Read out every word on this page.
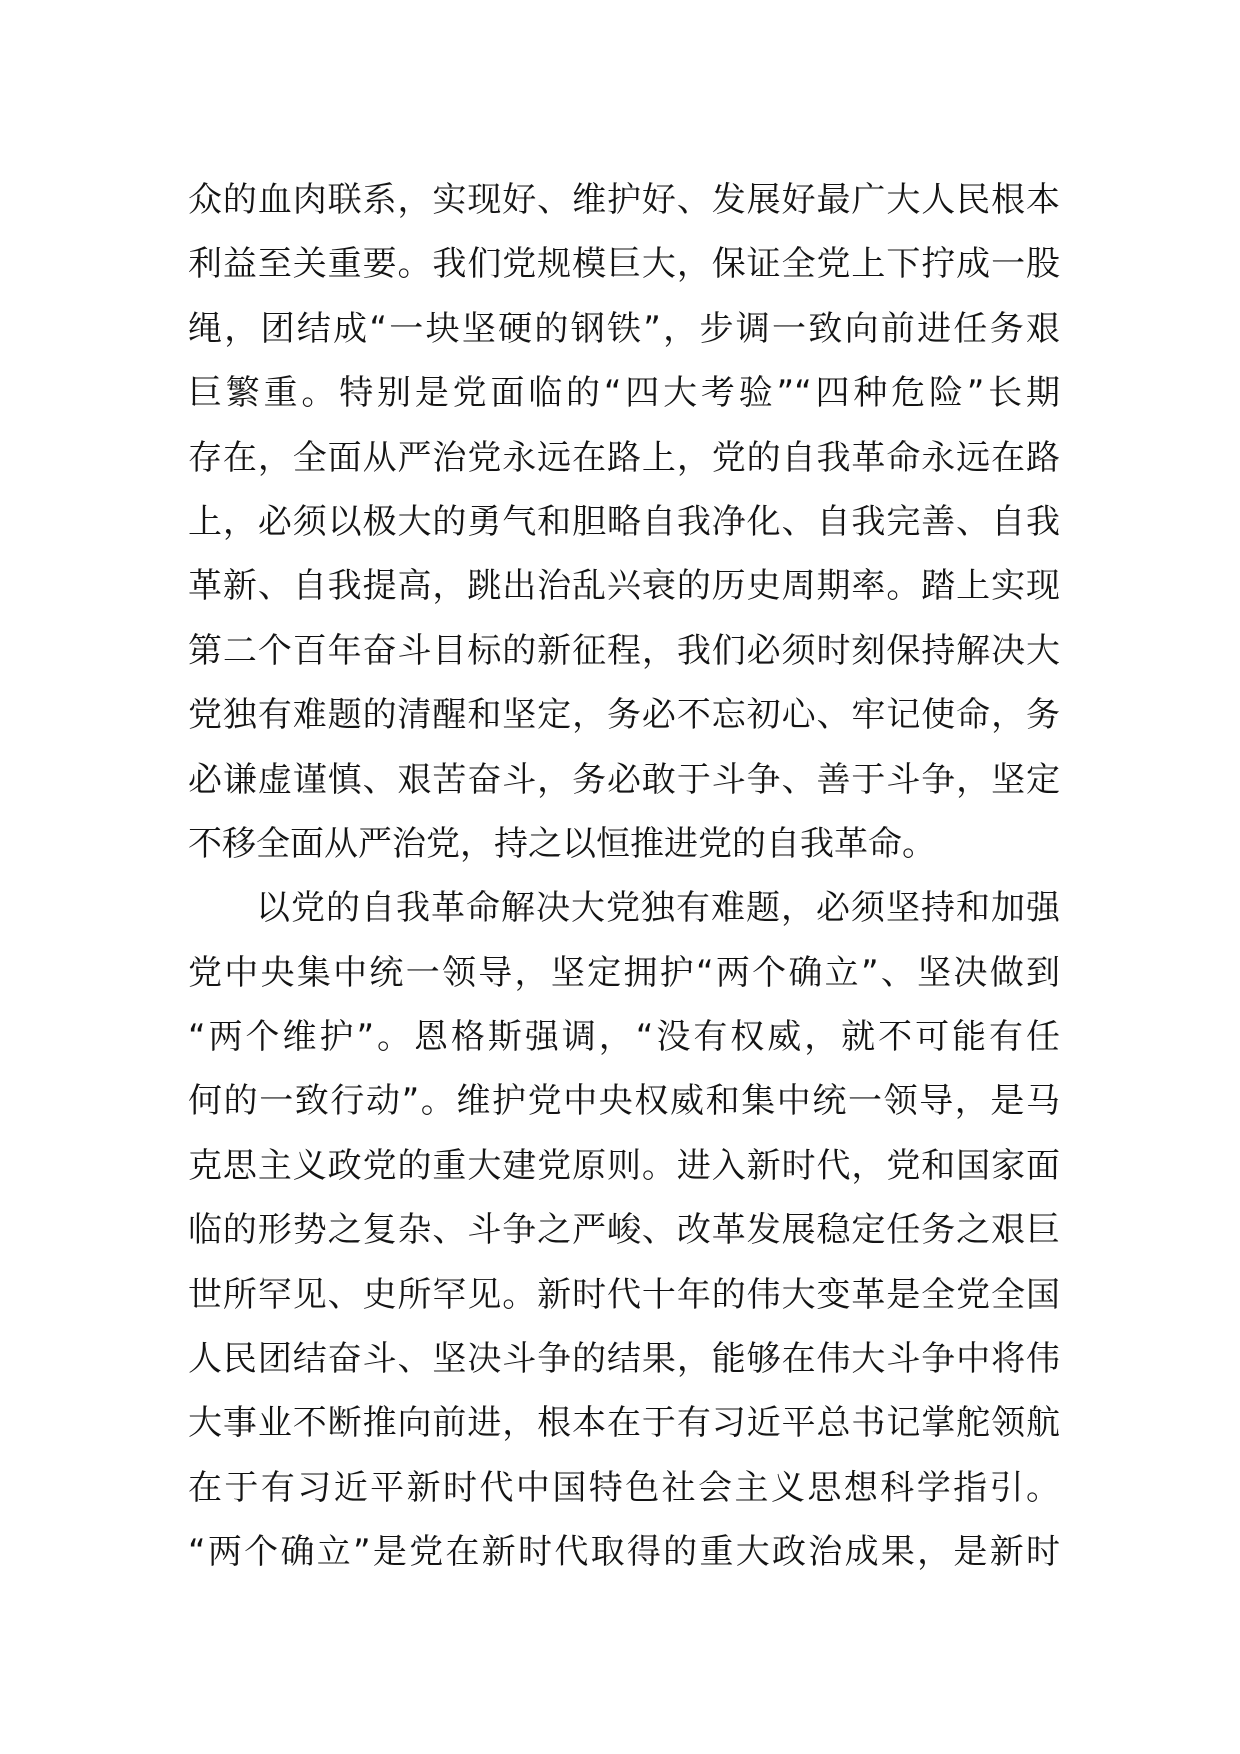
众的血肉联系，实现好、维护好、发展好最广大人民根本
利益至关重要。我们党规模巨大，保证全党上下拧成一股
绳，团结成“一块坚硬的钢铁”，步调一致向前进任务艰
巨繁重。特别是党面临的“四大考验”“四种危险”长期
存在，全面从严治党永远在路上，党的自我革命永远在路
上，必须以极大的勇气和胆略自我净化、自我完善、自我
革新、自我提高，跳出治乱兴衰的历史周期率。踏上实现
第二个百年奋斗目标的新征程，我们必须时刻保持解决大
党独有难题的清醒和坚定，务必不忘初心、牢记使命，务
必谦虚谨慎、艰苦奋斗，务必敢于斗争、善于斗争，坚定
不移全面从严治党，持之以恒推进党的自我革命。
以党的自我革命解决大党独有难题，必须坚持和加强
党中央集中统一领导，坚定拥护“两个确立”、坚决做到
“两个维护”。恩格斯强调，“没有权威，就不可能有任
何的一致行动”。维护党中央权威和集中统一领导，是马
克思主义政党的重大建党原则。进入新时代，党和国家面
临的形势之复杂、斗争之严峻、改革发展稳定任务之艰巨
世所罕见、史所罕见。新时代十年的伟大变革是全党全国
人民团结奋斗、坚决斗争的结果，能够在伟大斗争中将伟
大事业不断推向前进，根本在于有习近平总书记掌舵领航
在于有习近平新时代中国特色社会主义思想科学指引。
“两个确立”是党在新时代取得的重大政治成果，是新时
